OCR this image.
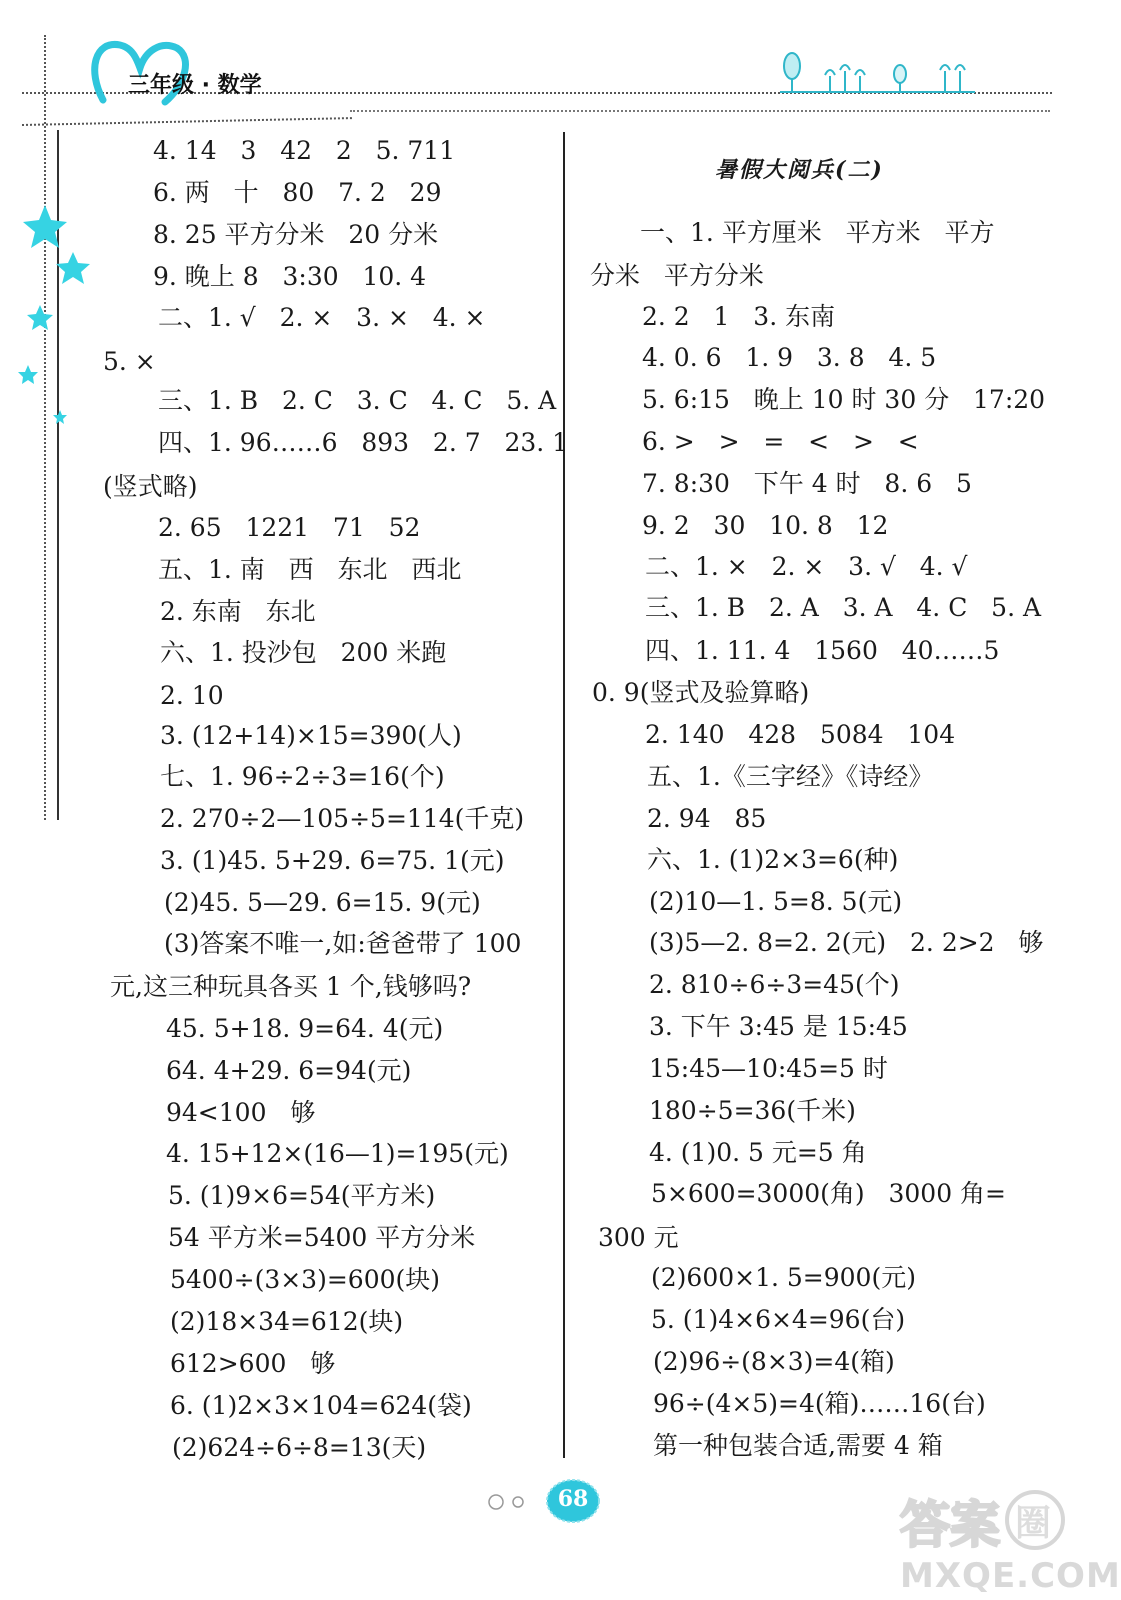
三年级 · 数学
4. 14   3   42   2   5. 711
6. 两   十   80   7. 2   29
8. 25 平方分米   20 分米
9. 晚上 8   3:30   10. 4
二、1. √   2. ×   3. ×   4. ×
5. ×
三、1. B   2. C   3. C   4. C   5. A
四、1. 96……6   893   2. 7   23. 1
(竖式略)
2. 65   1221   71   52
五、1. 南   西   东北   西北
2. 东南   东北
六、1. 投沙包   200 米跑
2. 10
3. (12+14)×15=390(人)
七、1. 96÷2÷3=16(个)
2. 270÷2—105÷5=114(千克)
3. (1)45. 5+29. 6=75. 1(元)
(2)45. 5—29. 6=15. 9(元)
(3)答案不唯一,如:爸爸带了 100
元,这三种玩具各买 1 个,钱够吗?
45. 5+18. 9=64. 4(元)
64. 4+29. 6=94(元)
94<100   够
4. 15+12×(16—1)=195(元)
5. (1)9×6=54(平方米)
54 平方米=5400 平方分米
5400÷(3×3)=600(块)
(2)18×34=612(块)
612>600   够
6. (1)2×3×104=624(袋)
(2)624÷6÷8=13(天)
暑假大阅兵(二)
一、1. 平方厘米   平方米   平方
分米   平方分米
2. 2   1   3. 东南
4. 0. 6   1. 9   3. 8   4. 5
5. 6:15   晚上 10 时 30 分   17:20
6. >   >   =   <   >   <
7. 8:30   下午 4 时   8. 6   5
9. 2   30   10. 8   12
二、1. ×   2. ×   3. √   4. √
三、1. B   2. A   3. A   4. C   5. A
四、1. 11. 4   1560   40……5
0. 9(竖式及验算略)
2. 140   428   5084   104
五、1.《三字经》《诗经》
2. 94   85
六、1. (1)2×3=6(种)
(2)10—1. 5=8. 5(元)
(3)5—2. 8=2. 2(元)   2. 2>2   够
2. 810÷6÷3=45(个)
3. 下午 3:45 是 15:45
15:45—10:45=5 时
180÷5=36(千米)
4. (1)0. 5 元=5 角
5×600=3000(角)   3000 角=
300 元
(2)600×1. 5=900(元)
5. (1)4×6×4=96(台)
(2)96÷(8×3)=4(箱)
96÷(4×5)=4(箱)……16(台)
第一种包装合适,需要 4 箱
68	答案 圈
MXQE.COM
